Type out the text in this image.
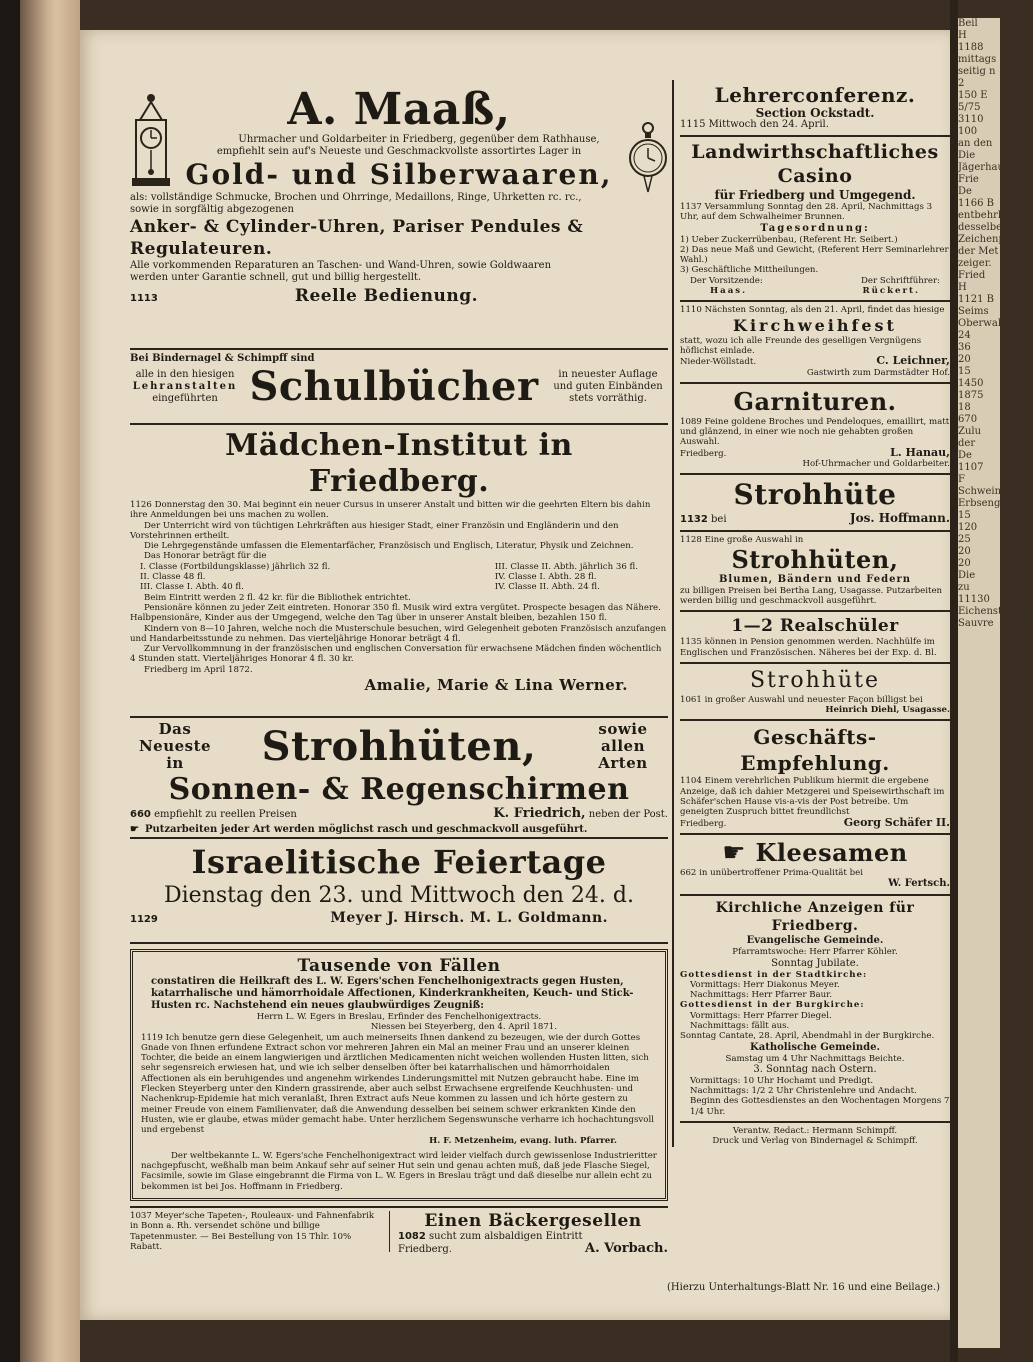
Beil
H
1188
mittags
seitig n
2
150 E
5/75
3110
100
an den
Die
Jägerhaus
Frie
De
1166 B
entbehrlichen
desselben
Zeichenpfaff
der Met
zeiger.
Fried
H
1121 B
Seims
Oberwal
24
36
20
15
1450
1875
18
670
Zulu
der
De
1107
F
Schweinfurt
Erbsengrün
15
120
25
20
20
Die
zu
11130
Eichenstämme
Sauvre
A. Maaß,
Uhrmacher und Goldarbeiter in Friedberg, gegenüber dem Rathhause,
empfiehlt sein auf's Neueste und Geschmackvollste assortirtes Lager in
Gold- und Silberwaaren,
als: vollständige Schmucke, Brochen und Ohrringe, Medaillons, Ringe, Uhrketten rc. rc.,
sowie in sorgfältig abgezogenen
Anker- & Cylinder-Uhren, Pariser Pendules & Regulateuren.
Alle vorkommenden Reparaturen an Taschen- und Wand-Uhren, sowie Goldwaaren
werden unter Garantie schnell, gut und billig hergestellt.
1113	Reelle Bedienung.
Bei Bindernagel & Schimpff sind
alle in den hiesigen
Lehranstalten
eingeführten Schulbücher	in neuester Auflage
und guten Einbänden
stets vorräthig.
Mädchen-Institut in Friedberg.
1126 Donnerstag den 30. Mai beginnt ein neuer Cursus in unserer Anstalt und bitten wir die geehrten Eltern bis dahin ihre Anmeldungen bei uns machen zu wollen.
Der Unterricht wird von tüchtigen Lehrkräften aus hiesiger Stadt, einer Französin und Engländerin und den Vorstehrinnen ertheilt.
Die Lehrgegenstände umfassen die Elementarfächer, Französisch und Englisch, Literatur, Physik und Zeichnen.
Das Honorar beträgt für die
I. Classe (Fortbildungsklasse) jährlich 32 fl.
II. Classe 48 fl.
III. Classe I. Abth. 40 fl.
III. Classe II. Abth. jährlich 36 fl.
IV. Classe I. Abth. 28 fl.
IV. Classe II. Abth. 24 fl.
Beim Eintritt werden 2 fl. 42 kr. für die Bibliothek entrichtet.
Pensionäre können zu jeder Zeit eintreten. Honorar 350 fl. Musik wird extra vergütet. Prospecte besagen das Nähere. Halbpensionäre, Kinder aus der Umgegend, welche den Tag über in unserer Anstalt bleiben, bezahlen 150 fl.
Kindern von 8—10 Jahren, welche noch die Musterschule besuchen, wird Gelegenheit geboten Französisch anzufangen und Handarbeitsstunde zu nehmen. Das vierteljährige Honorar beträgt 4 fl.
Zur Vervollkommnung in der französischen und englischen Conversation für erwachsene Mädchen finden wöchentlich 4 Stunden statt. Vierteljähriges Honorar 4 fl. 30 kr.
Friedberg im April 1872.
Amalie, Marie & Lina Werner.
Das Neueste
in	Strohhüten,	sowie allen
Arten
Sonnen- & Regenschirmen
660 empfiehlt zu reellen Preisen	K. Friedrich, neben der Post.
☛ Putzarbeiten jeder Art werden möglichst rasch und geschmackvoll ausgeführt.
Israelitische Feiertage
Dienstag den 23. und Mittwoch den 24. d.
1129	Meyer J. Hirsch. M. L. Goldmann.
Tausende von Fällen
constatiren die Heilkraft des L. W. Egers'schen Fenchelhonigextracts gegen Husten, katarrhalische und hämorrhoidale Affectionen, Kinderkrankheiten, Keuch- und Stick-Husten rc. Nachstehend ein neues glaubwürdiges Zeugniß:
Herrn L. W. Egers in Breslau, Erfinder des Fenchelhonigextracts.
Niessen bei Steyerberg, den 4. April 1871.
1119 Ich benutze gern diese Gelegenheit, um auch meinerseits Ihnen dankend zu bezeugen, wie der durch Gottes Gnade von Ihnen erfundene Extract schon vor mehreren Jahren ein Mal an meiner Frau und an unserer kleinen Tochter, die beide an einem langwierigen und ärztlichen Medicamenten nicht weichen wollenden Husten litten, sich sehr segensreich erwiesen hat, und wie ich selber denselben öfter bei katarrhalischen und hämorrhoidalen Affectionen als ein beruhigendes und angenehm wirkendes Linderungsmittel mit Nutzen gebraucht habe. Eine im Flecken Steyerberg unter den Kindern grassirende, aber auch selbst Erwachsene ergreifende Keuchhusten- und Nachenkrup-Epidemie hat mich veranlaßt, Ihren Extract aufs Neue kommen zu lassen und ich hörte gestern zu meiner Freude von einem Familienvater, daß die Anwendung desselben bei seinem schwer erkrankten Kinde den Husten, wie er glaube, etwas müder gemacht habe. Unter herzlichem Segenswunsche verharre ich hochachtungsvoll und ergebenst
H. F. Metzenheim, evang. luth. Pfarrer.
Der weltbekannte L. W. Egers'sche Fenchelhonigextract wird leider vielfach durch gewissenlose Industrieritter nachgepfuscht, weßhalb man beim Ankauf sehr auf seiner Hut sein und genau achten muß, daß jede Flasche Siegel, Facsimile, sowie im Glase eingebrannt die Firma von L. W. Egers in Breslau trägt und daß dieselbe nur allein echt zu bekommen ist bei Jos. Hoffmann in Friedberg.
1037 Meyer'sche Tapeten-, Rouleaux- und Fahnenfabrik in Bonn a. Rh. versendet schöne und billige Tapetenmuster. — Bei Bestellung von 15 Thlr. 10% Rabatt.
Einen Bäckergesellen
1082 sucht zum alsbaldigen Eintritt
Friedberg.	A. Vorbach.
Lehrerconferenz.
Section Ockstadt.
1115 Mittwoch den 24. April.
Landwirthschaftliches Casino
für Friedberg und Umgegend.
1137 Versammlung Sonntag den 28. April, Nachmittags 3 Uhr, auf dem Schwalheimer Brunnen.
Tagesordnung:
1) Ueber Zuckerrübenbau, (Referent Hr. Seibert.)
2) Das neue Maß und Gewicht, (Referent Herr Seminarlehrer Wahl.)
3) Geschäftliche Mittheilungen.
Der Vorsitzende:	Der Schriftführer:
Haas.	Rückert.
1110 Nächsten Sonntag, als den 21. April, findet das hiesige
Kirchweihfest
statt, wozu ich alle Freunde des geselligen Vergnügens höflichst einlade.
Nieder-Wöllstadt.	C. Leichner,
Gastwirth zum Darmstädter Hof.
Garnituren.
1089 Feine goldene Broches und Pendeloques, emaillirt, matt und glänzend, in einer wie noch nie gehabten großen Auswahl.
Friedberg.	L. Hanau,
Hof-Uhrmacher und Goldarbeiter.
Strohhüte
1132 bei	Jos. Hoffmann.
1128 Eine große Auswahl in
Strohhüten,
Blumen, Bändern und Federn
zu billigen Preisen bei Bertha Lang, Usagasse. Putzarbeiten werden billig und geschmackvoll ausgeführt.
1—2 Realschüler
1135 können in Pension genommen werden. Nachhülfe im Englischen und Französischen. Näheres bei der Exp. d. Bl.
Strohhüte
1061 in großer Auswahl und neuester Façon billigst bei
Heinrich Diehl, Usagasse.
Geschäfts-Empfehlung.
1104 Einem verehrlichen Publikum hiermit die ergebene Anzeige, daß ich dahier Metzgerei und Speisewirthschaft im Schäfer'schen Hause vis-a-vis der Post betreibe. Um geneigten Zuspruch bittet freundlichst
Friedberg.	Georg Schäfer II.
☛ Kleesamen
662 in unübertroffener Prima-Qualität bei
W. Fertsch.
Kirchliche Anzeigen für Friedberg.
Evangelische Gemeinde.
Pfarramtswoche: Herr Pfarrer Köhler.
Sonntag Jubilate.
Gottesdienst in der Stadtkirche:
Vormittags: Herr Diakonus Meyer.
Nachmittags: Herr Pfarrer Baur.
Gottesdienst in der Burgkirche:
Vormittags: Herr Pfarrer Diegel.
Nachmittags: fällt aus.
Sonntag Cantate, 28. April, Abendmahl in der Burgkirche.
Katholische Gemeinde.
Samstag um 4 Uhr Nachmittags Beichte.
3. Sonntag nach Ostern.
Vormittags: 10 Uhr Hochamt und Predigt.
Nachmittags: 1/2 2 Uhr Christenlehre und Andacht.
Beginn des Gottesdienstes an den Wochentagen Morgens 7 1/4 Uhr.
Verantw. Redact.: Hermann Schimpff.
Druck und Verlag von Bindernagel & Schimpff.
(Hierzu Unterhaltungs-Blatt Nr. 16 und eine Beilage.)
